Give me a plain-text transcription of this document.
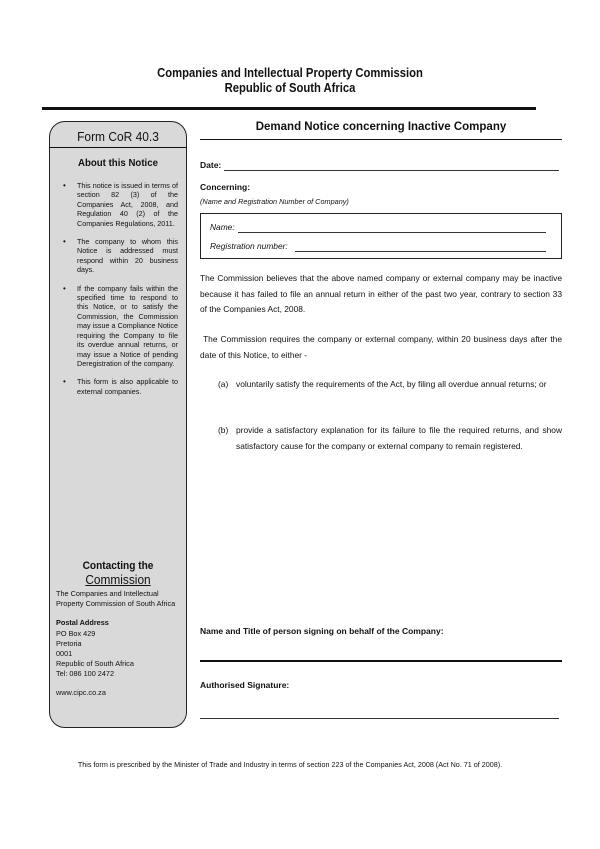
Companies and Intellectual Property Commission
Republic of South Africa
Form CoR 40.3
About this Notice
• This notice is issued in terms of section 82 (3) of the Companies Act, 2008, and Regulation 40 (2) of the Companies Regulations, 2011.
• The company to whom this Notice is addressed must respond within 20 business days.
• If the company fails within the specified time to respond to this Notice, or to satisfy the Commission, the Commission may issue a Compliance Notice requiring the Company to file its overdue annual returns, or may issue a Notice of pending Deregistration of the company.
• This form is also applicable to external companies.
Contacting the
Commission
The Companies and Intellectual
Property Commission of South Africa
Postal Address
PO Box 429
Pretoria
0001
Republic of South Africa
Tel: 086 100 2472
www.cipc.co.za
Demand Notice concerning Inactive Company
Date:
Concerning:
(Name and Registration Number of Company)
Name:
Registration number:
The Commission believes that the above named company or external company may be inactive because it has failed to file an annual return in either of the past two year, contrary to section 33 of the Companies Act, 2008.
The Commission requires the company or external company, within 20 business days after the date of this Notice, to either -
(a) voluntarily satisfy the requirements of the Act, by filing all overdue annual returns; or
(b) provide a satisfactory explanation for its failure to file the required returns, and show satisfactory cause for the company or external company to remain registered.
Name and Title of person signing on behalf of the Company:
Authorised Signature:
This form is prescribed by the Minister of Trade and Industry in terms of section 223 of the Companies Act, 2008 (Act No. 71 of 2008).
